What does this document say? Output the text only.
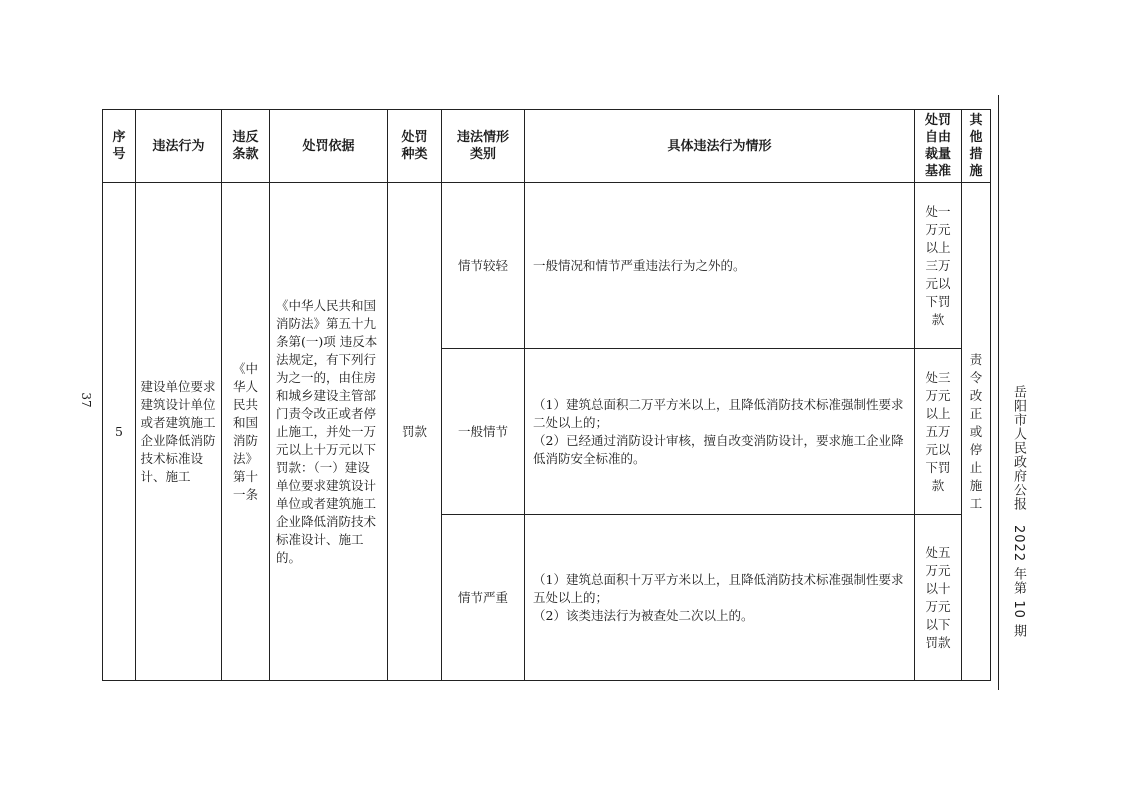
37	岳阳市人民政府公报2022 年第 10 期
序号	违法行为	违反条款	处罚依据	处罚种类	违法情形类别	具体违法行为情形	处罚自由裁量基准	其他措施

5	建设单位要求建筑设计单位或者建筑施工企业降低消防技术标准设计、施工	《中华人民共和国消防法》第十一条	《中华人民共和国消防法》第五十九条第(一)项 违反本法规定，有下列行为之一的，由住房和城乡建设主管部门责令改正或者停止施工，并处一万元以上十万元以下罚款：（一）建设单位要求建筑设计单位或者建筑施工企业降低消防技术标准设计、施工的。	罚款	情节较轻	一般情况和情节严重违法行为之外的。	处一万元以上三万元以下罚款	责令改正或停止施工

					一般情节	（1）建筑总面积二万平方米以上，且降低消防技术标准强制性要求二处以上的；
（2）已经通过消防设计审核，擅自改变消防设计，要求施工企业降低消防安全标准的。	处三万元以上五万元以下罚款	

					情节严重	（1）建筑总面积十万平方米以上，且降低消防技术标准强制性要求五处以上的；
（2）该类违法行为被查处二次以上的。	处五万元以十万元以下罚款	
